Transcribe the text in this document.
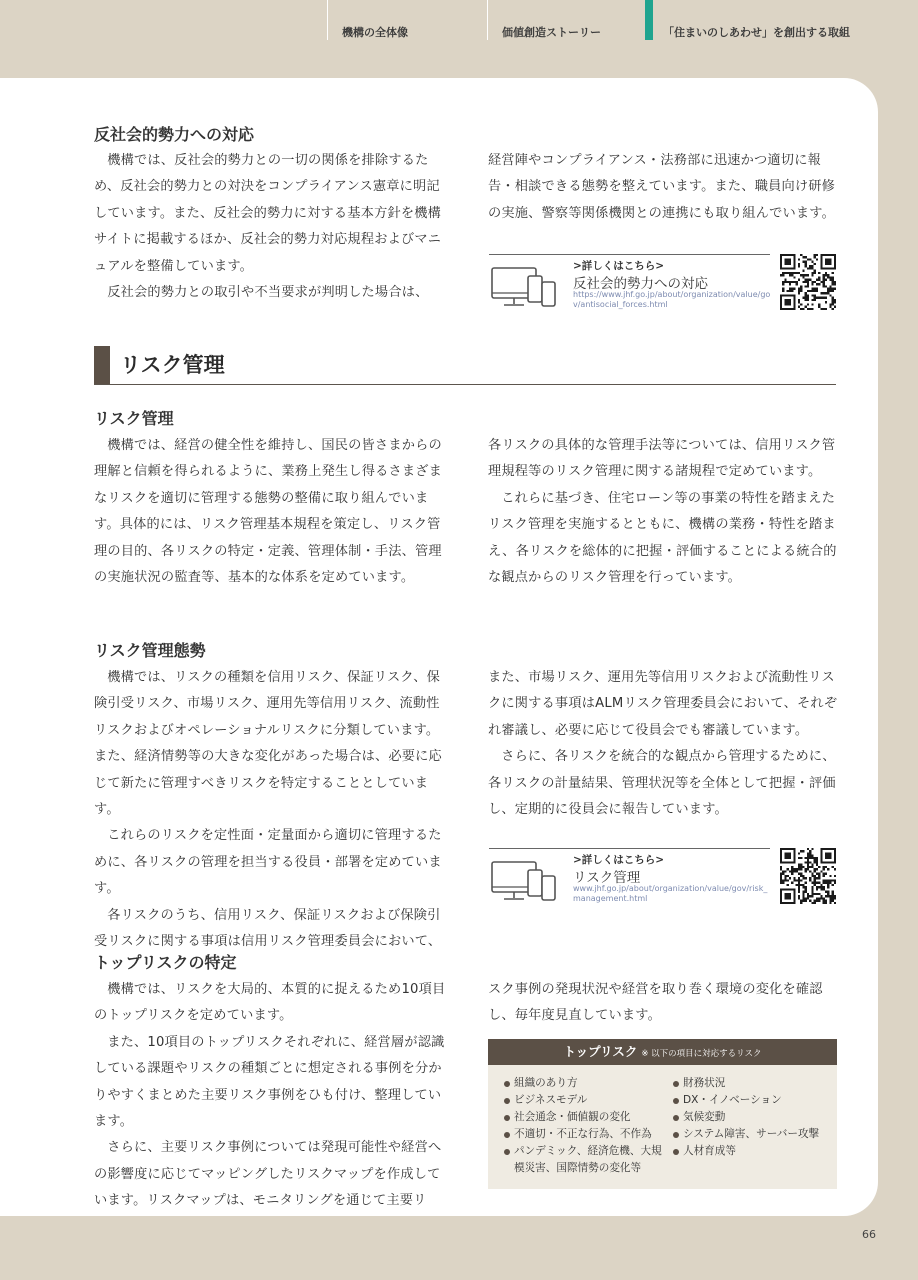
機構の全体像	価値創造ストーリー	「住まいのしあわせ」を創出する取組
反社会的勢力への対応

機構では、反社会的勢力との一切の関係を排除するため、反社会的勢力との対決をコンプライアンス憲章に明記しています。また、反社会的勢力に対する基本方針を機構サイトに掲載するほか、反社会的勢力対応規程およびマニュアルを整備しています。

反社会的勢力との取引や不当要求が判明した場合は、

経営陣やコンプライアンス・法務部に迅速かつ適切に報告・相談できる態勢を整えています。また、職員向け研修の実施、警察等関係機関との連携にも取り組んでいます。

>詳しくはこちら>
反社会的勢力への対応
https://www.jhf.go.jp/about/organization/value/gov/antisocial_forces.html
リスク管理
リスク管理

機構では、経営の健全性を維持し、国民の皆さまからの理解と信頼を得られるように、業務上発生し得るさまざまなリスクを適切に管理する態勢の整備に取り組んでいます。具体的には、リスク管理基本規程を策定し、リスク管理の目的、各リスクの特定・定義、管理体制・手法、管理の実施状況の監査等、基本的な体系を定めています。

各リスクの具体的な管理手法等については、信用リスク管理規程等のリスク管理に関する諸規程で定めています。

これらに基づき、住宅ローン等の事業の特性を踏まえたリスク管理を実施するとともに、機構の業務・特性を踏まえ、各リスクを総体的に把握・評価することによる統合的な観点からのリスク管理を行っています。

リスク管理態勢

機構では、リスクの種類を信用リスク、保証リスク、保険引受リスク、市場リスク、運用先等信用リスク、流動性リスクおよびオペレーショナルリスクに分類しています。また、経済情勢等の大きな変化があった場合は、必要に応じて新たに管理すべきリスクを特定することとしています。

これらのリスクを定性面・定量面から適切に管理するために、各リスクの管理を担当する役員・部署を定めています。

各リスクのうち、信用リスク、保証リスクおよび保険引受リスクに関する事項は信用リスク管理委員会において、

また、市場リスク、運用先等信用リスクおよび流動性リスクに関する事項はALMリスク管理委員会において、それぞれ審議し、必要に応じて役員会でも審議しています。

さらに、各リスクを統合的な観点から管理するために、各リスクの計量結果、管理状況等を全体として把握・評価し、定期的に役員会に報告しています。

>詳しくはこちら>
リスク管理
www.jhf.go.jp/about/organization/value/gov/risk_management.html
トップリスクの特定

機構では、リスクを大局的、本質的に捉えるため10項目のトップリスクを定めています。

また、10項目のトップリスクそれぞれに、経営層が認識している課題やリスクの種類ごとに想定される事例を分かりやすくまとめた主要リスク事例をひも付け、整理しています。

さらに、主要リスク事例については発現可能性や経営への影響度に応じてマッピングしたリスクマップを作成しています。リスクマップは、モニタリングを通じて主要リ

スク事例の発現状況や経営を取り巻く環境の変化を確認し、毎年度見直しています。

トップリスク ※ 以下の項目に対応するリスク
組織のあり方
ビジネスモデル
社会通念・価値観の変化
不適切・不正な行為、不作為
パンデミック、経済危機、大規模災害、国際情勢の変化等
財務状況
DX・イノベーション
気候変動
システム障害、サーバー攻撃
人材育成等
66
